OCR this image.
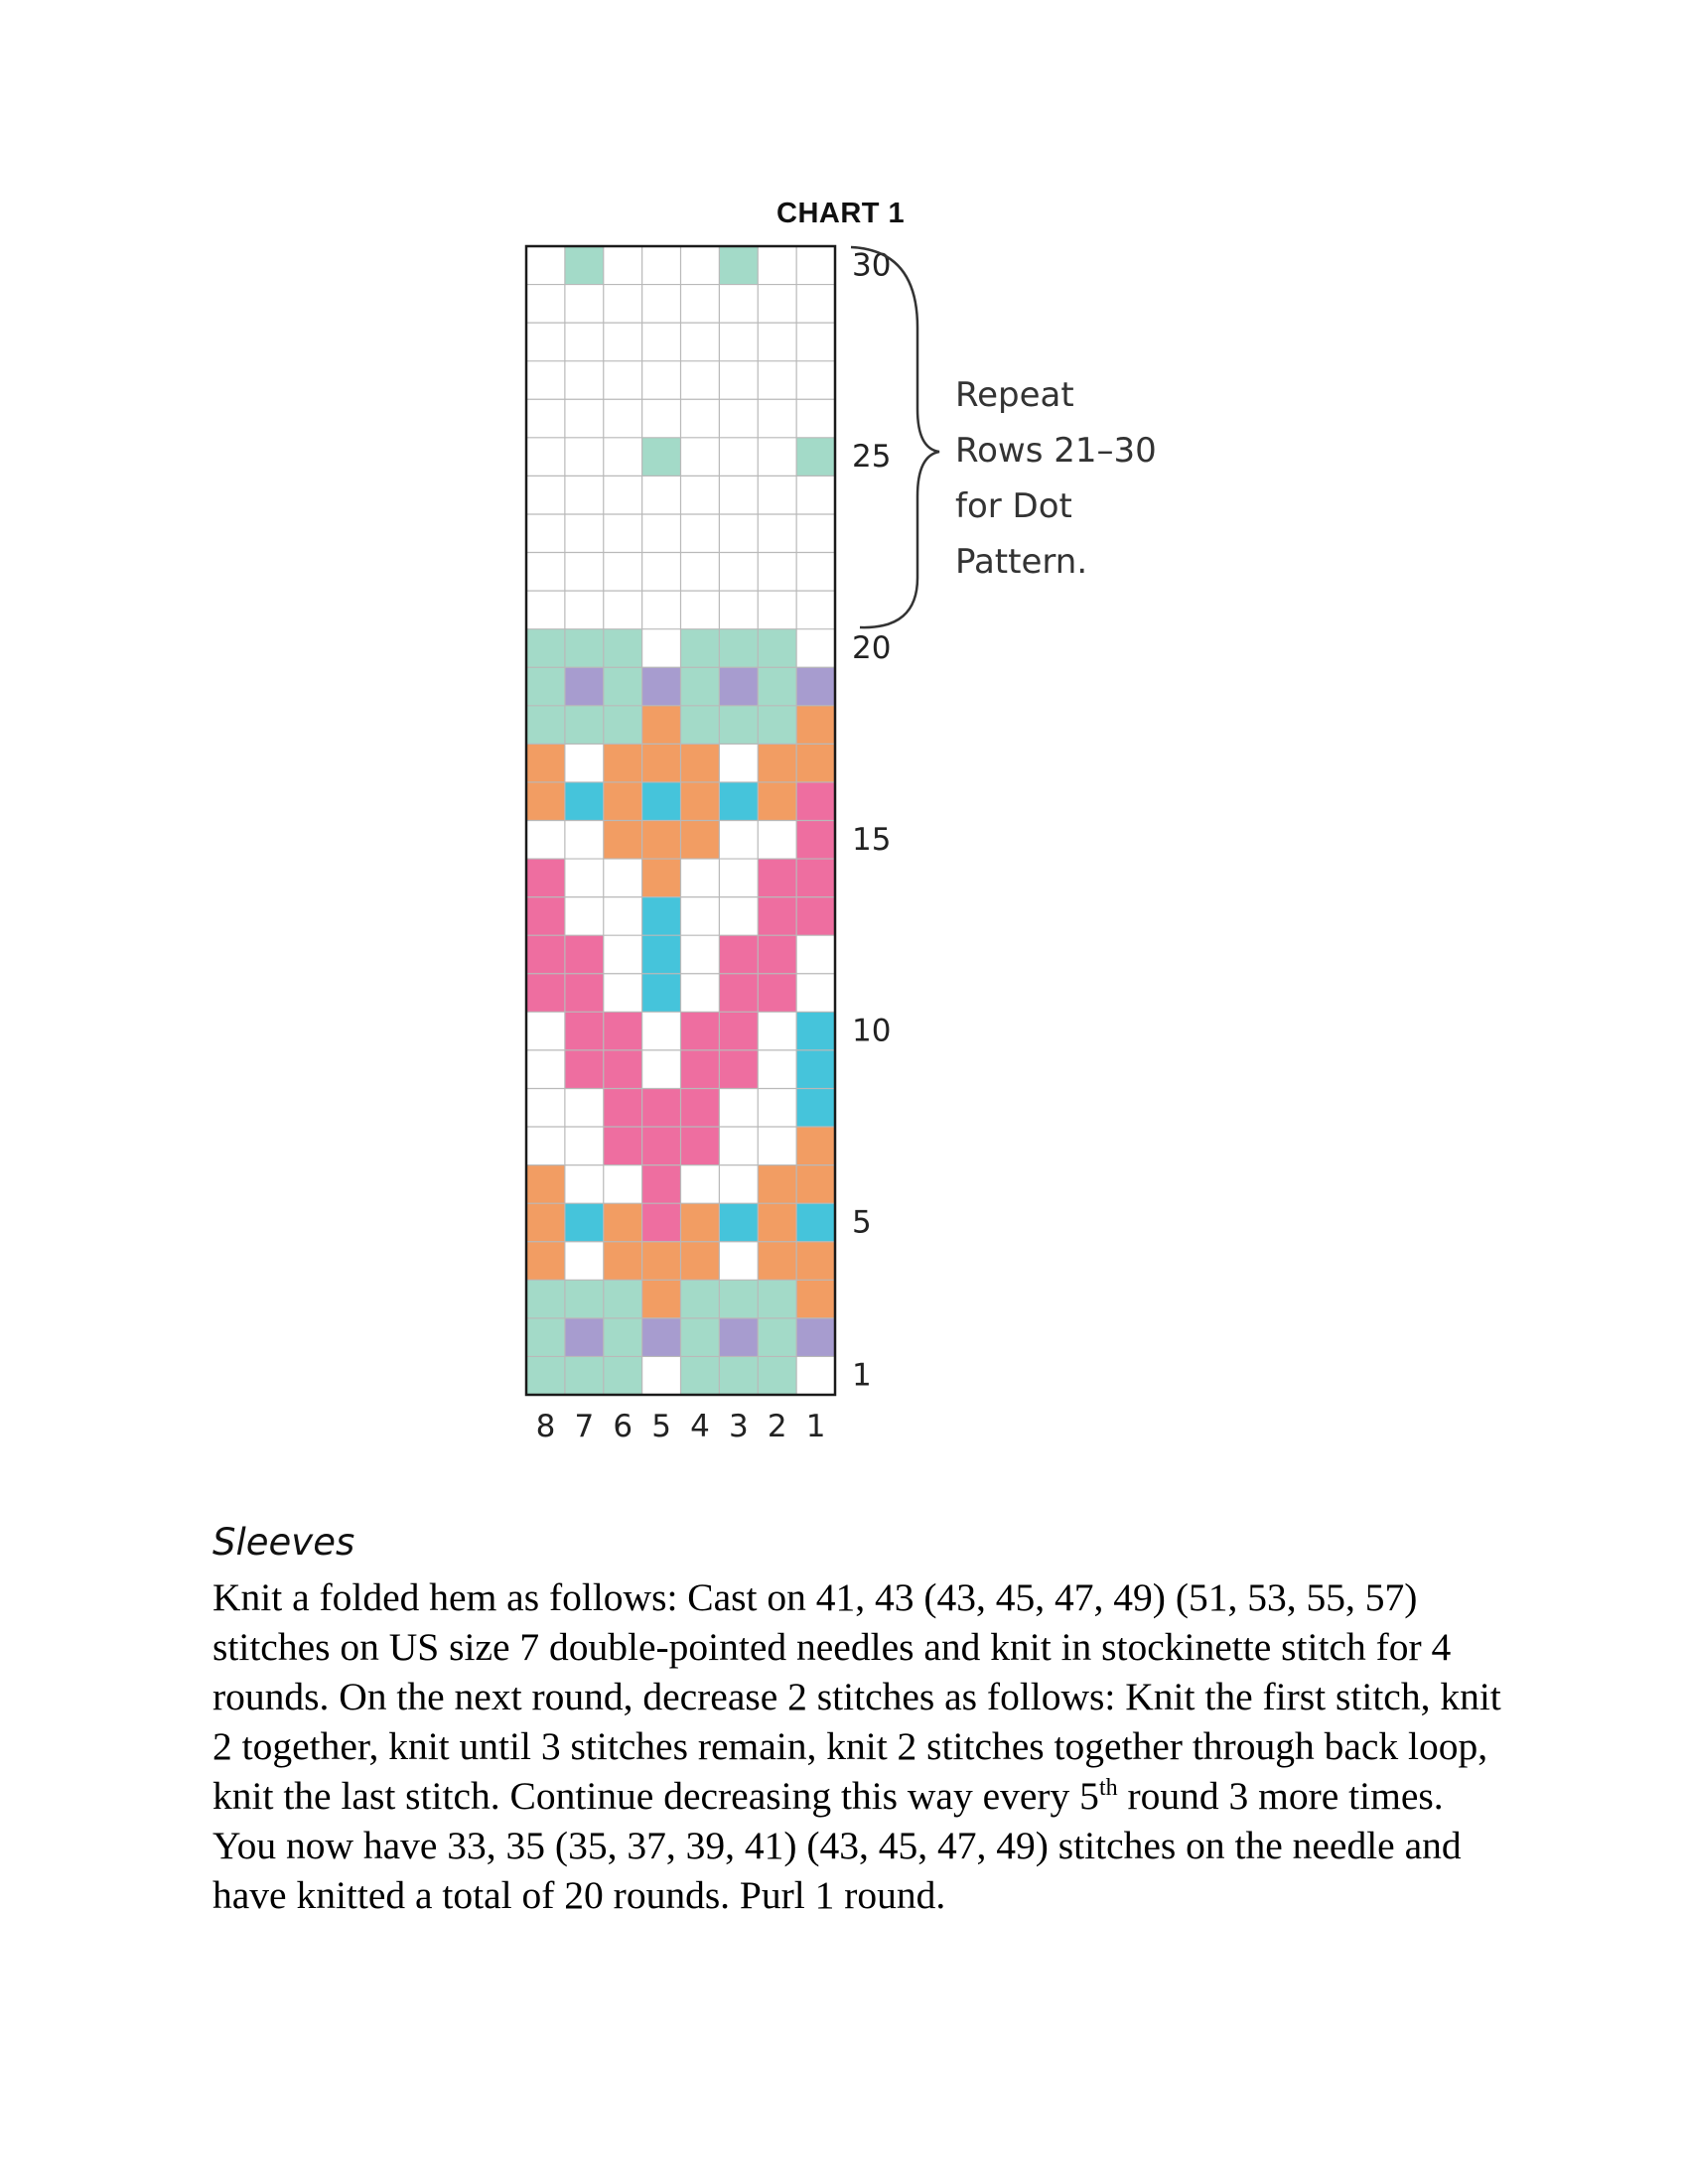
CHART 1
1
5
10
15
20
25
30
8 7 6 5 4 3 2 1

Repeat
Rows 21–30
for Dot
Pattern.

Sleeves

Knit a folded hem as follows: Cast on 41, 43 (43, 45, 47, 49) (51, 53, 55, 57) stitches on US size 7 double-pointed needles and knit in stockinette stitch for 4 rounds. On the next round, decrease 2 stitches as follows: Knit the first stitch, knit 2 together, knit until 3 stitches remain, knit 2 stitches together through back loop, knit the last stitch. Continue decreasing this way every 5th round 3 more times. You now have 33, 35 (35, 37, 39, 41) (43, 45, 47, 49) stitches on the needle and have knitted a total of 20 rounds. Purl 1 round.
